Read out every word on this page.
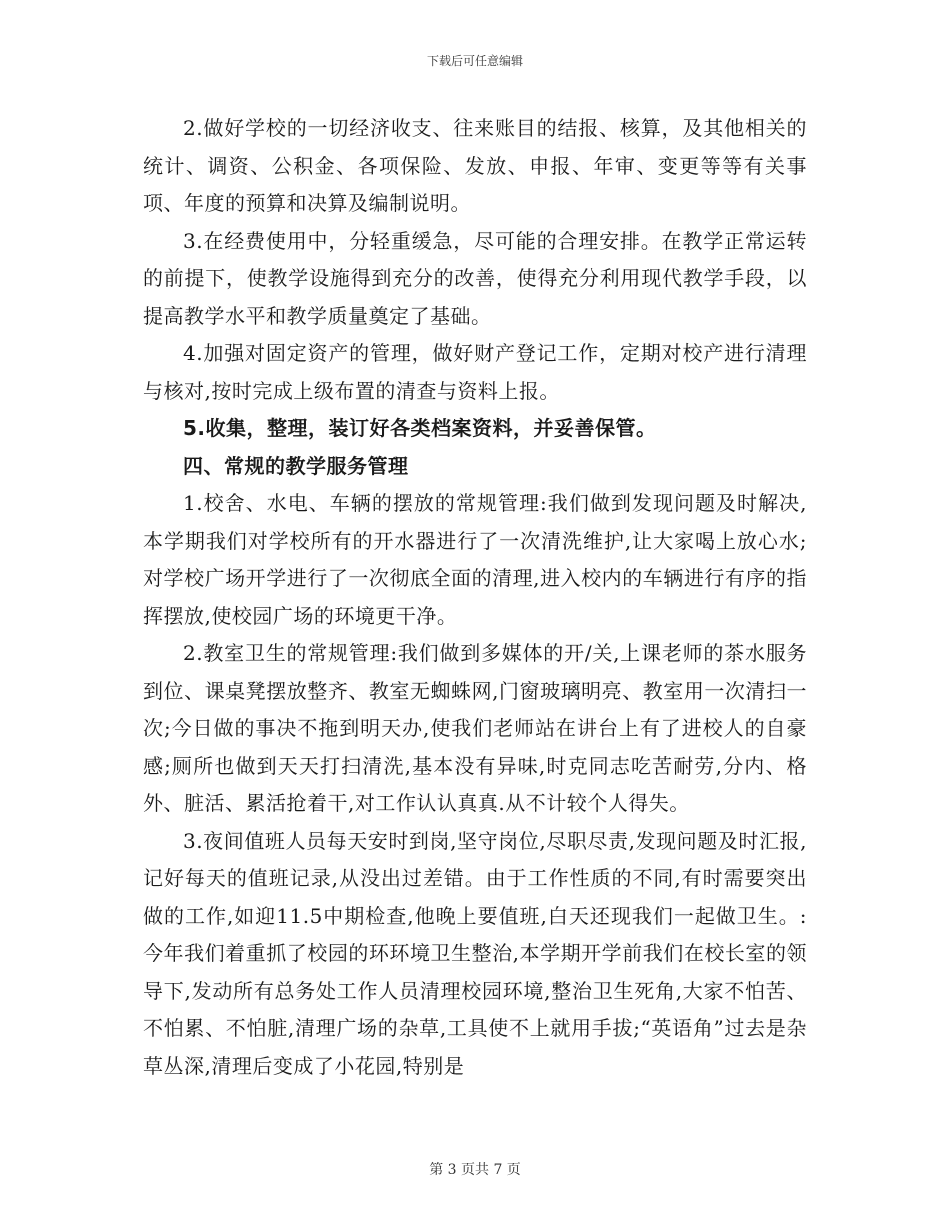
下载后可任意编辑

2.做好学校的一切经济收支、往来账目的结报、核算，及其他相关的统计、调资、公积金、各项保险、发放、申报、年审、变更等等有关事项、年度的预算和决算及编制说明。

3.在经费使用中，分轻重缓急，尽可能的合理安排。在教学正常运转的前提下，使教学设施得到充分的改善，使得充分利用现代教学手段，以提高教学水平和教学质量奠定了基础。

4.加强对固定资产的管理，做好财产登记工作，定期对校产进行清理与核对,按时完成上级布置的清查与资料上报。

5.收集，整理，装订好各类档案资料，并妥善保管。

四、常规的教学服务管理

1.校舍、水电、车辆的摆放的常规管理:我们做到发现问题及时解决,本学期我们对学校所有的开水器进行了一次清洗维护,让大家喝上放心水;对学校广场开学进行了一次彻底全面的清理,进入校内的车辆进行有序的指挥摆放,使校园广场的环境更干净。

2.教室卫生的常规管理:我们做到多媒体的开/关,上课老师的茶水服务到位、课桌凳摆放整齐、教室无蜘蛛网,门窗玻璃明亮、教室用一次清扫一次;今日做的事决不拖到明天办,使我们老师站在讲台上有了进校人的自豪感;厕所也做到天天打扫清洗,基本没有异味,时克同志吃苦耐劳,分内、格外、脏活、累活抢着干,对工作认认真真.从不计较个人得失。

3.夜间值班人员每天安时到岗,坚守岗位,尽职尽责,发现问题及时汇报,记好每天的值班记录,从没出过差错。由于工作性质的不同,有时需要突出做的工作,如迎11.5中期检查,他晚上要值班,白天还现我们一起做卫生。:今年我们着重抓了校园的环环境卫生整治,本学期开学前我们在校长室的领导下,发动所有总务处工作人员清理校园环境,整治卫生死角,大家不怕苦、不怕累、不怕脏,清理广场的杂草,工具使不上就用手拔;“英语角”过去是杂草丛深,清理后变成了小花园,特别是

第 3 页共 7 页
